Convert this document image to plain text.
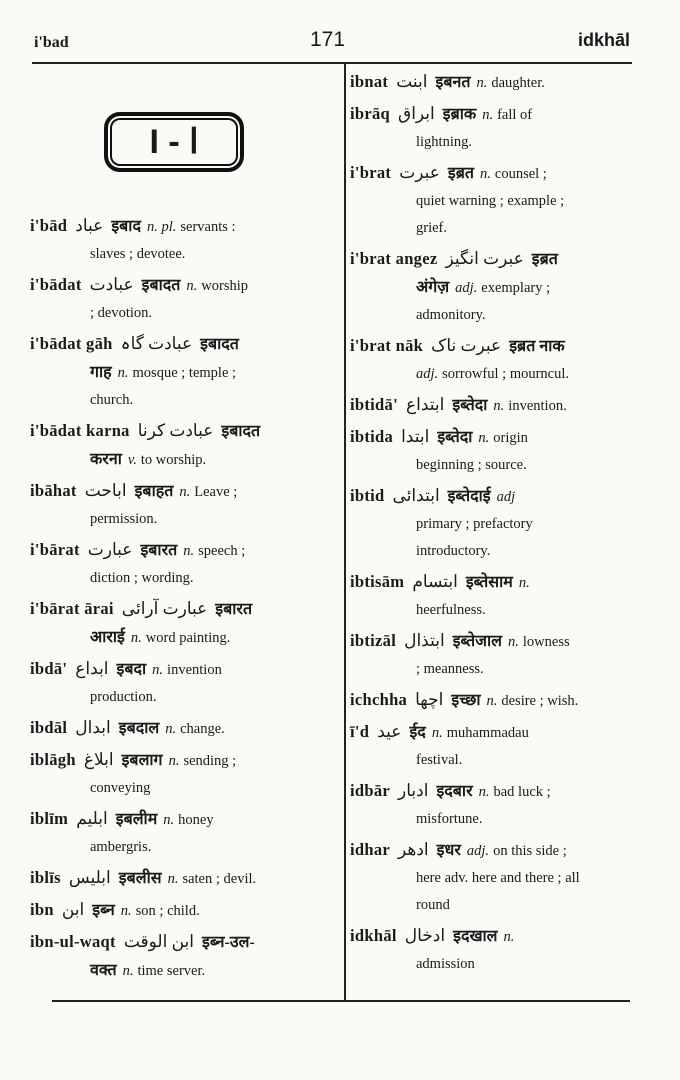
i'bad	171	idkhāl
I - ا
i'bād عباد इबाद n. pl. servants :
slaves ; devotee.
i'bādat عبادت इबादत n. worship
; devotion.
i'bādat gāh عبادت گاہ इबादत
गाह n. mosque ; temple ;
church.
i'bādat karna عبادت کرنا इबादत
करना v. to worship.
ibāhat اباحت इबाहत n. Leave ;
permission.
i'bārat عبارت इबारत n. speech ;
diction ; wording.
i'bārat ārai عبارت آرائی इबारत
आराई n. word painting.
ibdā' ابداع इबदा n. invention
production.
ibdāl ابدال इबदाल n. change.
iblāgh ابلاغ इबलाग n. sending ;
conveying
iblīm ابلیم इबलीम n. honey
ambergris.
iblīs ابلیس इबलीस n. saten ; devil.
ibn ابن इब्न n. son ; child.
ibn-ul-waqt ابن الوقت इब्न-उल-
वक्त n. time server.
ibnat ابنت इबनत n. daughter.
ibrāq ابراق इब्राक n. fall of
lightning.
i'brat عبرت इब्रत n. counsel ;
quiet warning ; example ;
grief.
i'brat angez عبرت انگیز इब्रत
अंगेज़ adj. exemplary ;
admonitory.
i'brat nāk عبرت ناک इब्रत नाक
adj. sorrowful ; mourncul.
ibtidā' ابتداع इब्तेदा n. invention.
ibtida ابتدا इब्तेदा n. origin
beginning ; source.
ibtid ابتدائی इब्तेदाई adj
primary ; prefactory
introductory.
ibtisām ابتسام इब्तेसाम n.
heerfulness.
ibtizāl ابتذال इब्तेजाल n. lowness
; meanness.
ichchha اچھا इच्छा n. desire ; wish.
ī'd عید ईद n. muhammadau
festival.
idbār ادبار इदबार n. bad luck ;
misfortune.
idhar ادھر इधर adj. on this side ;
here adv. here and there ; all
round
idkhāl ادخال इदखाल n.
admission
